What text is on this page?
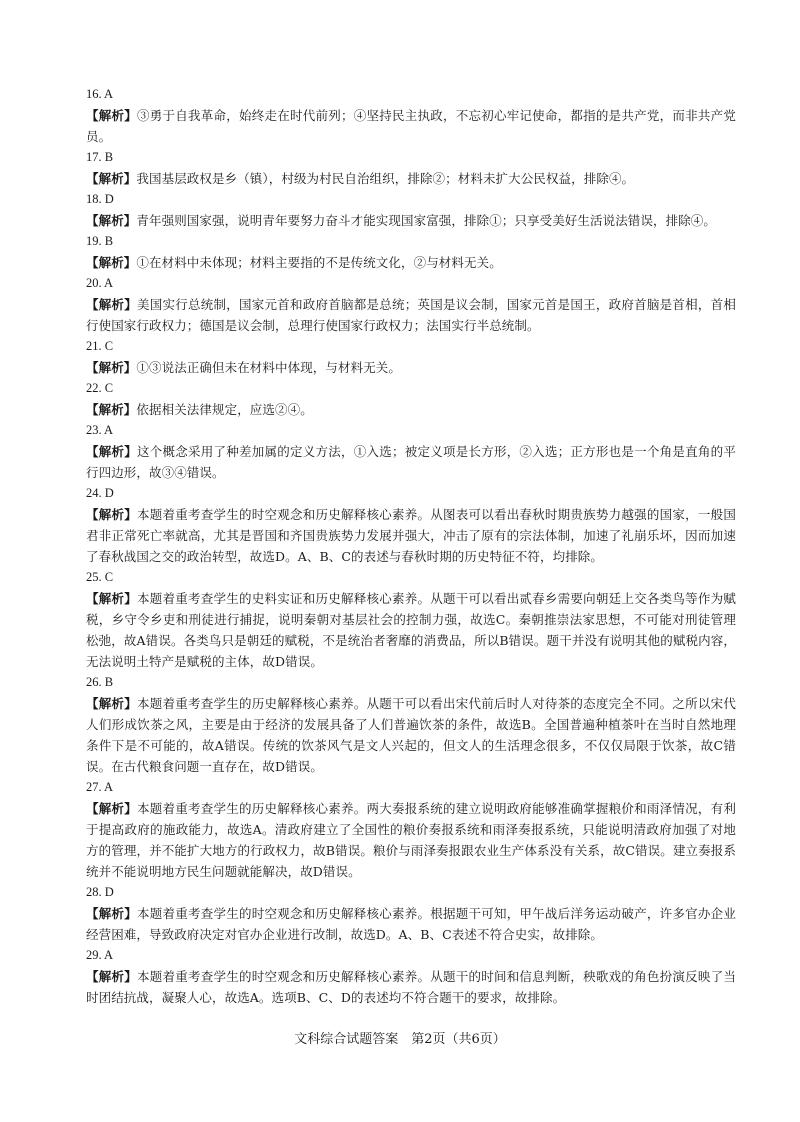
16. A
【解析】③勇于自我革命，始终走在时代前列；④坚持民主执政，不忘初心牢记使命，都指的是共产党，而非共产党员。
17. B
【解析】我国基层政权是乡（镇），村级为村民自治组织，排除②；材料未扩大公民权益，排除④。
18. D
【解析】青年强则国家强，说明青年要努力奋斗才能实现国家富强，排除①；只享受美好生活说法错误，排除④。
19. B
【解析】①在材料中未体现；材料主要指的不是传统文化，②与材料无关。
20. A
【解析】美国实行总统制，国家元首和政府首脑都是总统；英国是议会制，国家元首是国王，政府首脑是首相，首相行使国家行政权力；德国是议会制，总理行使国家行政权力；法国实行半总统制。
21. C
【解析】①③说法正确但未在材料中体现，与材料无关。
22. C
【解析】依据相关法律规定，应选②④。
23. A
【解析】这个概念采用了种差加属的定义方法，①入选；被定义项是长方形，②入选；正方形也是一个角是直角的平行四边形，故③④错误。
24. D
【解析】本题着重考查学生的时空观念和历史解释核心素养。从图表可以看出春秋时期贵族势力越强的国家，一般国君非正常死亡率就高，尤其是晋国和齐国贵族势力发展并强大，冲击了原有的宗法体制，加速了礼崩乐坏，因而加速了春秋战国之交的政治转型，故选D。A、B、C的表述与春秋时期的历史特征不符，均排除。
25. C
【解析】本题着重考查学生的史料实证和历史解释核心素养。从题干可以看出贰春乡需要向朝廷上交各类鸟等作为赋税，乡守令乡吏和刑徒进行捕捉，说明秦朝对基层社会的控制力强，故选C。秦朝推崇法家思想，不可能对刑徒管理松弛，故A错误。各类鸟只是朝廷的赋税，不是统治者奢靡的消费品，所以B错误。题干并没有说明其他的赋税内容，无法说明土特产是赋税的主体，故D错误。
26. B
【解析】本题着重考查学生的历史解释核心素养。从题干可以看出宋代前后时人对待茶的态度完全不同。之所以宋代人们形成饮茶之风，主要是由于经济的发展具备了人们普遍饮茶的条件，故选B。全国普遍种植茶叶在当时自然地理条件下是不可能的，故A错误。传统的饮茶风气是文人兴起的，但文人的生活理念很多，不仅仅局限于饮茶，故C错误。在古代粮食问题一直存在，故D错误。
27. A
【解析】本题着重考查学生的历史解释核心素养。两大奏报系统的建立说明政府能够准确掌握粮价和雨泽情况，有利于提高政府的施政能力，故选A。清政府建立了全国性的粮价奏报系统和雨泽奏报系统，只能说明清政府加强了对地方的管理，并不能扩大地方的行政权力，故B错误。粮价与雨泽奏报跟农业生产体系没有关系，故C错误。建立奏报系统并不能说明地方民生问题就能解决，故D错误。
28. D
【解析】本题着重考查学生的时空观念和历史解释核心素养。根据题干可知，甲午战后洋务运动破产，许多官办企业经营困难，导致政府决定对官办企业进行改制，故选D。A、B、C表述不符合史实，故排除。
29. A
【解析】本题着重考查学生的时空观念和历史解释核心素养。从题干的时间和信息判断，秧歌戏的角色扮演反映了当时团结抗战，凝聚人心，故选A。选项B、C、D的表述均不符合题干的要求，故排除。
文科综合试题答案　第2页（共6页）
